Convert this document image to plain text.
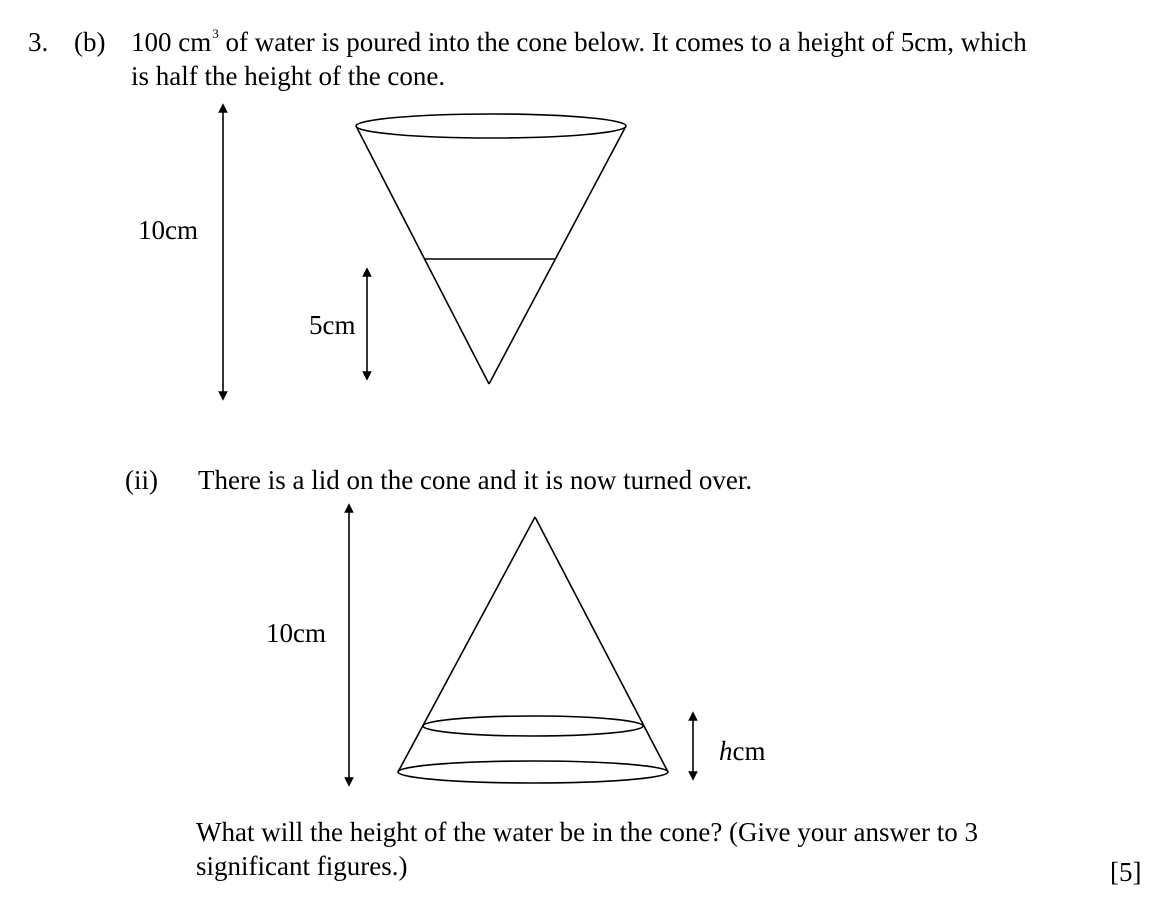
3. (b) 100 $cm^3$ of water is poured into the cone below. It comes to a height of 5cm, which
is half the height of the cone.
10cm
5cm
(ii) There is a lid on the cone and it is now turned over.
10cm
hcm
What will the height of the water be in the cone? (Give your answer to 3
significant figures.)	[5]
